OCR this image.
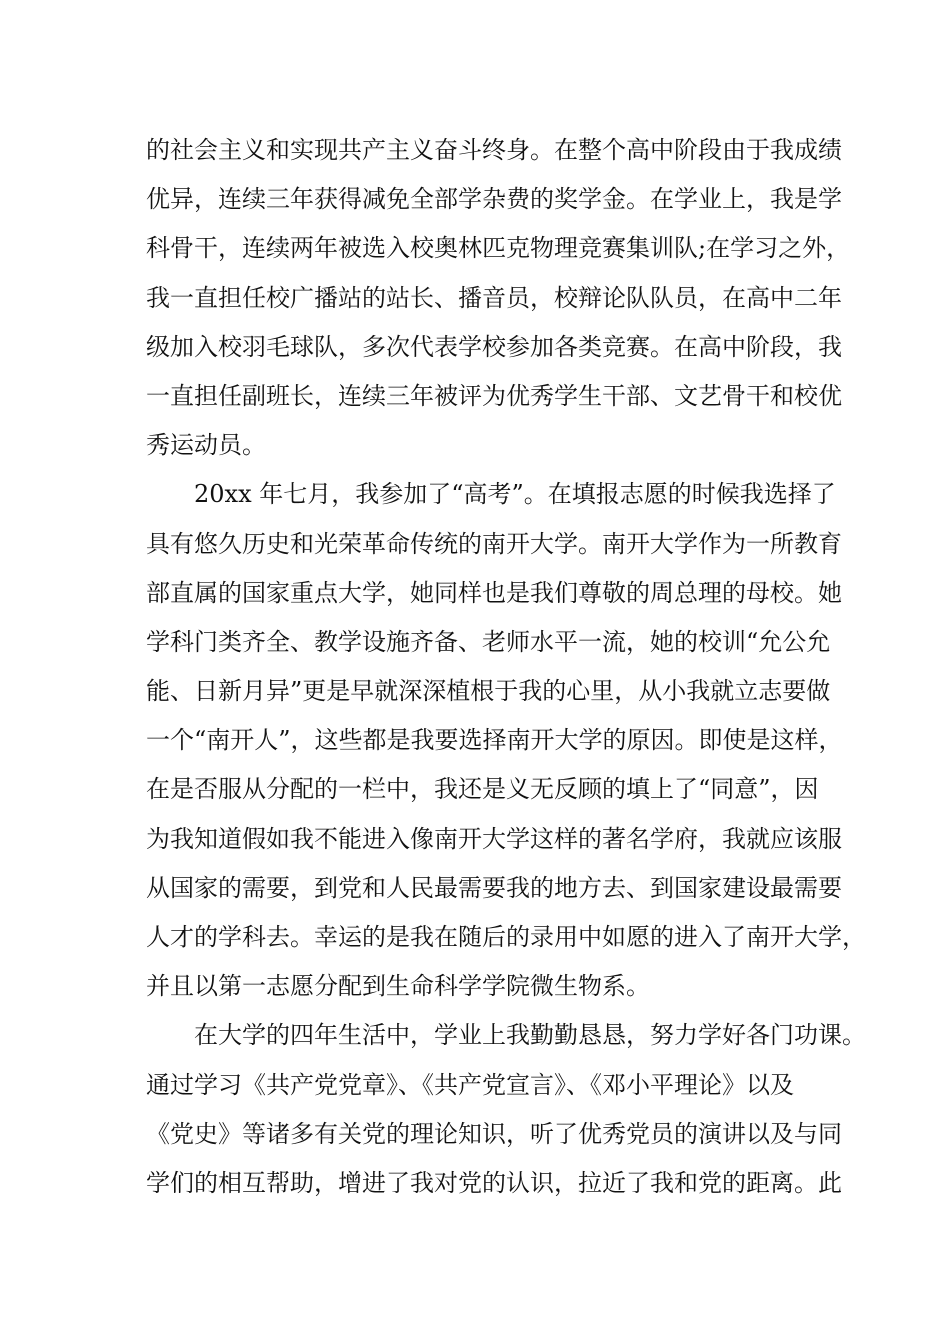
的社会主义和实现共产主义奋斗终身。在整个高中阶段由于我成绩
优异，连续三年获得减免全部学杂费的奖学金。在学业上，我是学
科骨干，连续两年被选入校奥林匹克物理竞赛集训队;在学习之外，
我一直担任校广播站的站长、播音员，校辩论队队员，在高中二年
级加入校羽毛球队，多次代表学校参加各类竞赛。在高中阶段，我
一直担任副班长，连续三年被评为优秀学生干部、文艺骨干和校优
秀运动员。
　　20xx 年七月，我参加了“高考”。在填报志愿的时候我选择了
具有悠久历史和光荣革命传统的南开大学。南开大学作为一所教育
部直属的国家重点大学，她同样也是我们尊敬的周总理的母校。她
学科门类齐全、教学设施齐备、老师水平一流，她的校训“允公允
能、日新月异”更是早就深深植根于我的心里，从小我就立志要做
一个“南开人”，这些都是我要选择南开大学的原因。即使是这样，
在是否服从分配的一栏中，我还是义无反顾的填上了“同意”，因
为我知道假如我不能进入像南开大学这样的著名学府，我就应该服
从国家的需要，到党和人民最需要我的地方去、到国家建设最需要
人才的学科去。幸运的是我在随后的录用中如愿的进入了南开大学，
并且以第一志愿分配到生命科学学院微生物系。
　　在大学的四年生活中，学业上我勤勤恳恳，努力学好各门功课。
通过学习《共产党党章》、《共产党宣言》、《邓小平理论》以及
《党史》等诸多有关党的理论知识，听了优秀党员的演讲以及与同
学们的相互帮助，增进了我对党的认识，拉近了我和党的距离。此
